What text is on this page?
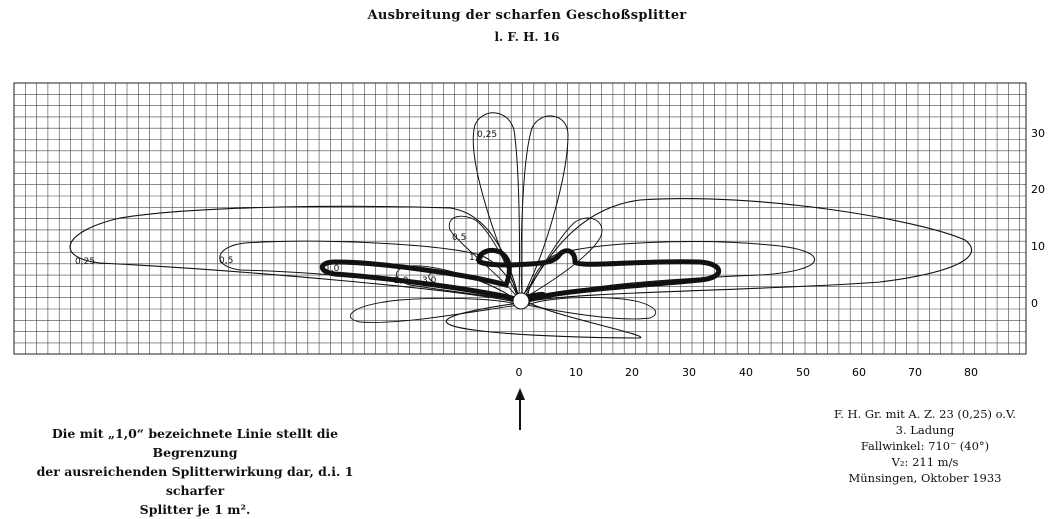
Ausbreitung der scharfen Geschoßsplitter
l. F. H. 16
0	10	20	30	40	50	60	70	80
30
20
10
0
0,25	0,5
1,0
2,0 3,0
0,5
1,0
0,25
Die mit „1,0“ bezeichnete Linie stellt die Begrenzung
der ausreichenden Splitterwirkung dar, d.i. 1 scharfer
Splitter je 1 m².
F. H. Gr. mit A. Z. 23 (0,25) o.V.
3. Ladung
Fallwinkel: 710⁻ (40°)
V₂: 211 m/s
Münsingen, Oktober 1933
